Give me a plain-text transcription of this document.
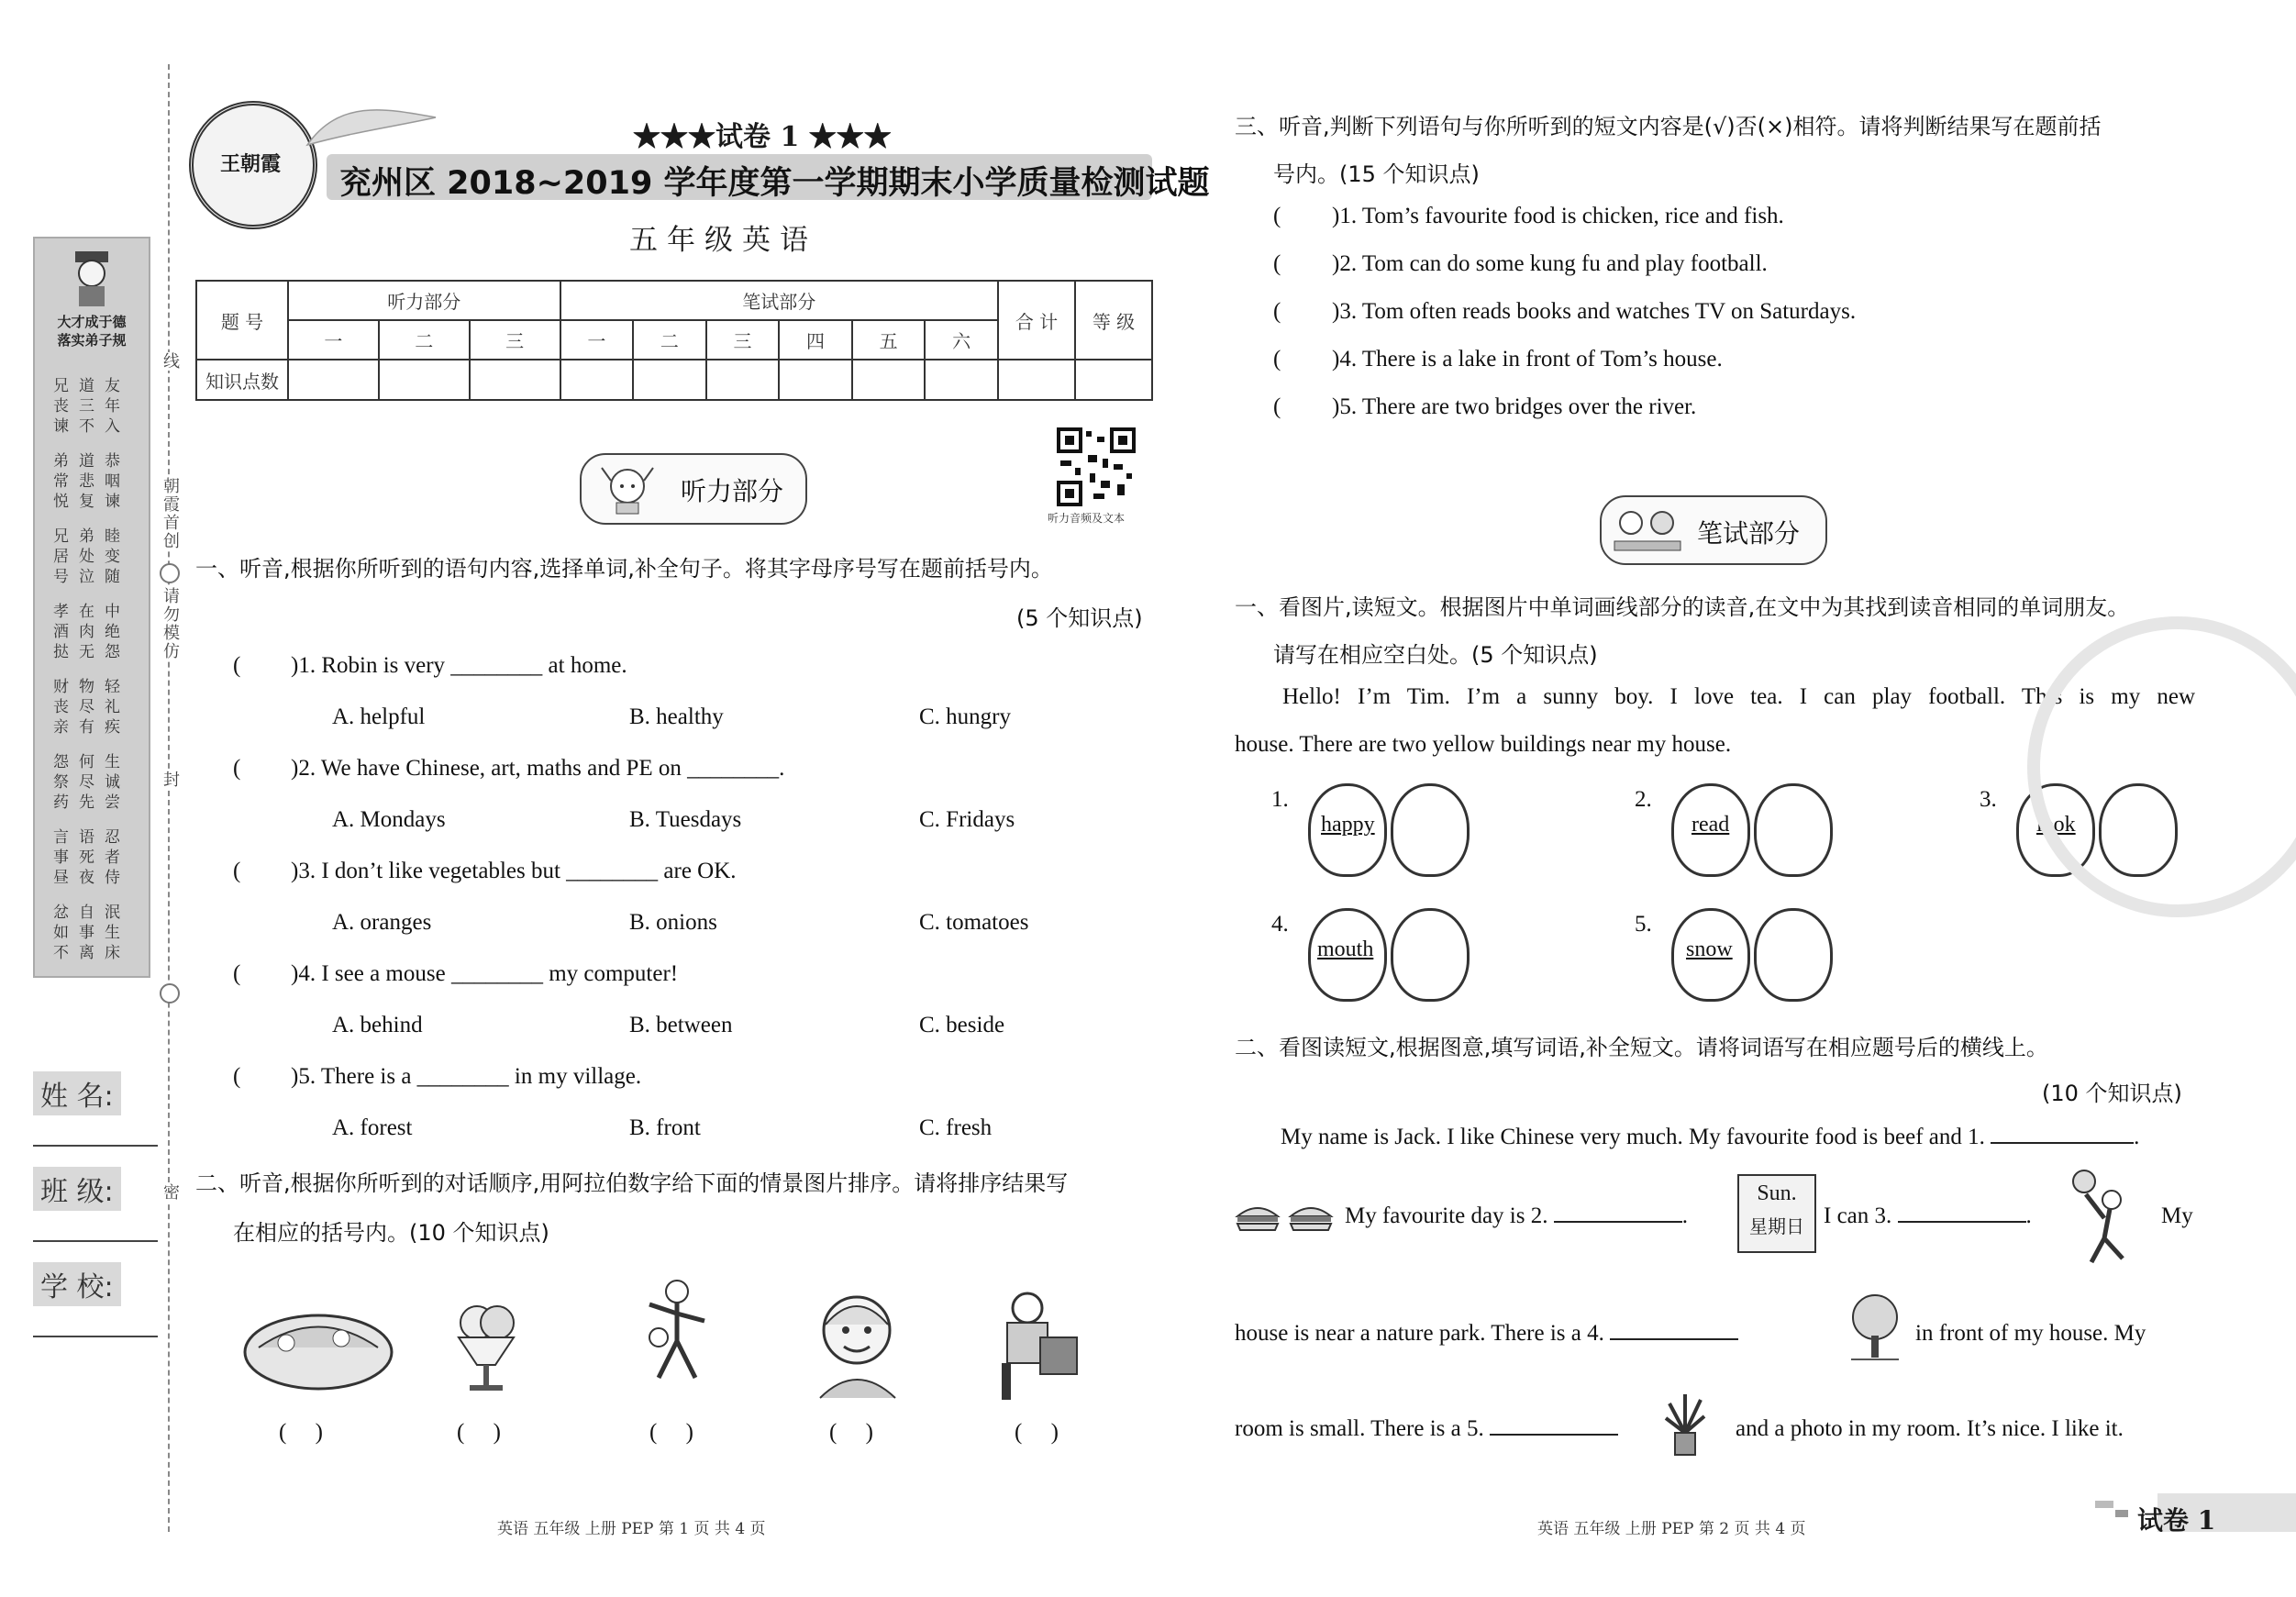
线
朝霞首创
请勿模仿
封
密
大才成于德
落实弟子规
兄道友
丧三年
谏不入
弟道恭
常悲咽
悦复谏
兄弟睦
居处变
号泣随
孝在中
酒肉绝
挞无怨
财物轻
丧尽礼
亲有疾
怨何生
祭尽诚
药先尝
言语忍
事死者
昼夜侍
忿自泯
如事生
不离床
姓 名:
班 级:
学 校:
王朝霞
★★★试卷 1 ★★★
兖州区 2018~2019 学年度第一学期期末小学质量检测试题
五年级英语
题 号	听力部分			笔试部分						合 计	等 级
	一	二	三	一	二	三	四	五	六		
知识点数											
听力音频及文本
听力部分
一、听音,根据你所听到的语句内容,选择单词,补全句子。将其字母序号写在题前括号内。
(5 个知识点)
( )1. Robin is very ________ at home.
A. helpful	B. healthy	C. hungry
( )2. We have Chinese, art, maths and PE on ________.
A. Mondays	B. Tuesdays	C. Fridays
( )3. I don’t like vegetables but ________ are OK.
A. oranges	B. onions	C. tomatoes
( )4. I see a mouse ________ my computer!
A. behind	B. between	C. beside
( )5. There is a ________ in my village.
A. forest	B. front	C. fresh
二、听音,根据你所听到的对话顺序,用阿拉伯数字给下面的情景图片排序。请将排序结果写
在相应的括号内。(10 个知识点)
(     )	(     )	(     )	(     )	(     )
英语 五年级 上册 PEP 第 1 页 共 4 页
三、听音,判断下列语句与你所听到的短文内容是(√)否(×)相符。请将判断结果写在题前括
号内。(15 个知识点)
( )1. Tom’s favourite food is chicken, rice and fish.
( )2. Tom can do some kung fu and play football.
( )3. Tom often reads books and watches TV on Saturdays.
( )4. There is a lake in front of Tom’s house.
( )5. There are two bridges over the river.
笔试部分
一、看图片,读短文。根据图片中单词画线部分的读音,在文中为其找到读音相同的单词朋友。
请写在相应空白处。(5 个知识点)
Hello! I’m Tim. I’m a sunny boy. I love tea. I can play football. This is my new
house. There are two yellow buildings near my house.
1.
happy
2.
read
3.
look
4.
mouth
5.
snow
二、看图读短文,根据图意,填写词语,补全短文。请将词语写在相应题号后的横线上。
(10 个知识点)
My name is Jack. I like Chinese very much. My favourite food is beef and 1.	.
My favourite day is 2.	.
Sun.
星期日 I can 3.	.	My
house is near a nature park. There is a 4.	in front of my house. My
room is small. There is a 5.	and a photo in my room. It’s nice. I like it.
英语 五年级 上册 PEP 第 2 页 共 4 页	试卷 1
